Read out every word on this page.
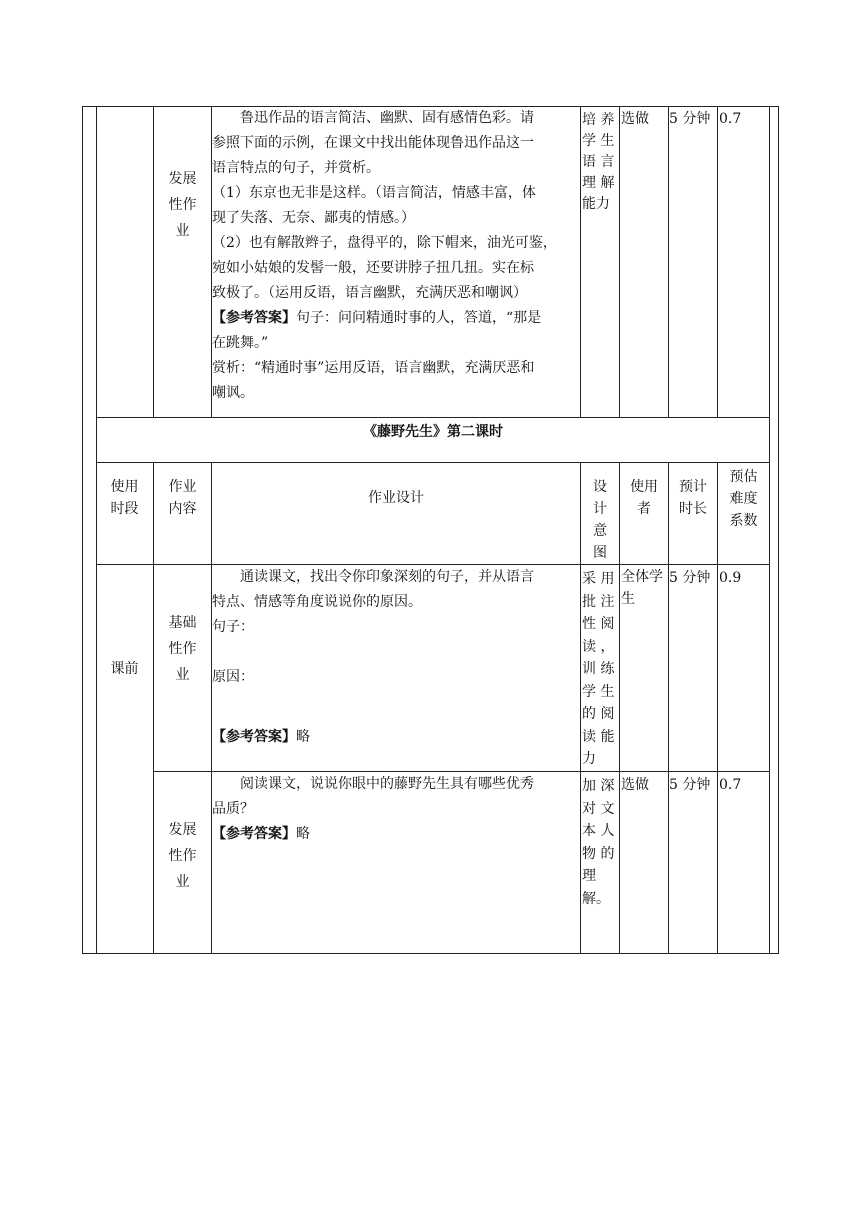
发展
性作
业
　　鲁迅作品的语言简洁、幽默、固有感情色彩。请
参照下面的示例，在课文中找出能体现鲁迅作品这一
语言特点的句子，并赏析。
（1）东京也无非是这样。（语言简洁，情感丰富，体
现了失落、无奈、鄙夷的情感。）
（2）也有解散辫子，盘得平的，除下帽来，油光可鉴，
宛如小姑娘的发髻一般，还要讲脖子扭几扭。实在标
致极了。（运用反语，语言幽默，充满厌恶和嘲讽）
【参考答案】句子：问问精通时事的人，答道，“那是
在跳舞。”
赏析：“精通时事”运用反语，语言幽默，充满厌恶和
嘲讽。
培 养
学 生
语 言
理 解
能力
选做	5 分钟 0.7
《藤野先生》第二课时
使用
时段
作业
内容
作业设计
设
计
意
图
使用
者
预计
时长
预估
难度
系数
课前
基础
性作
业
　　通读课文，找出令你印象深刻的句子，并从语言
特点、情感等角度说说你的原因。
句子：
原因：
【参考答案】略
采 用
批 注
性 阅
读 ，
训 练
学 生
的 阅
读 能
力
全体学
生
5 分钟 0.9
发展
性作
业
　　阅读课文，说说你眼中的藤野先生具有哪些优秀
品质？
【参考答案】略
加 深
对 文
本 人
物 的
理
解。
选做	5 分钟 0.7
